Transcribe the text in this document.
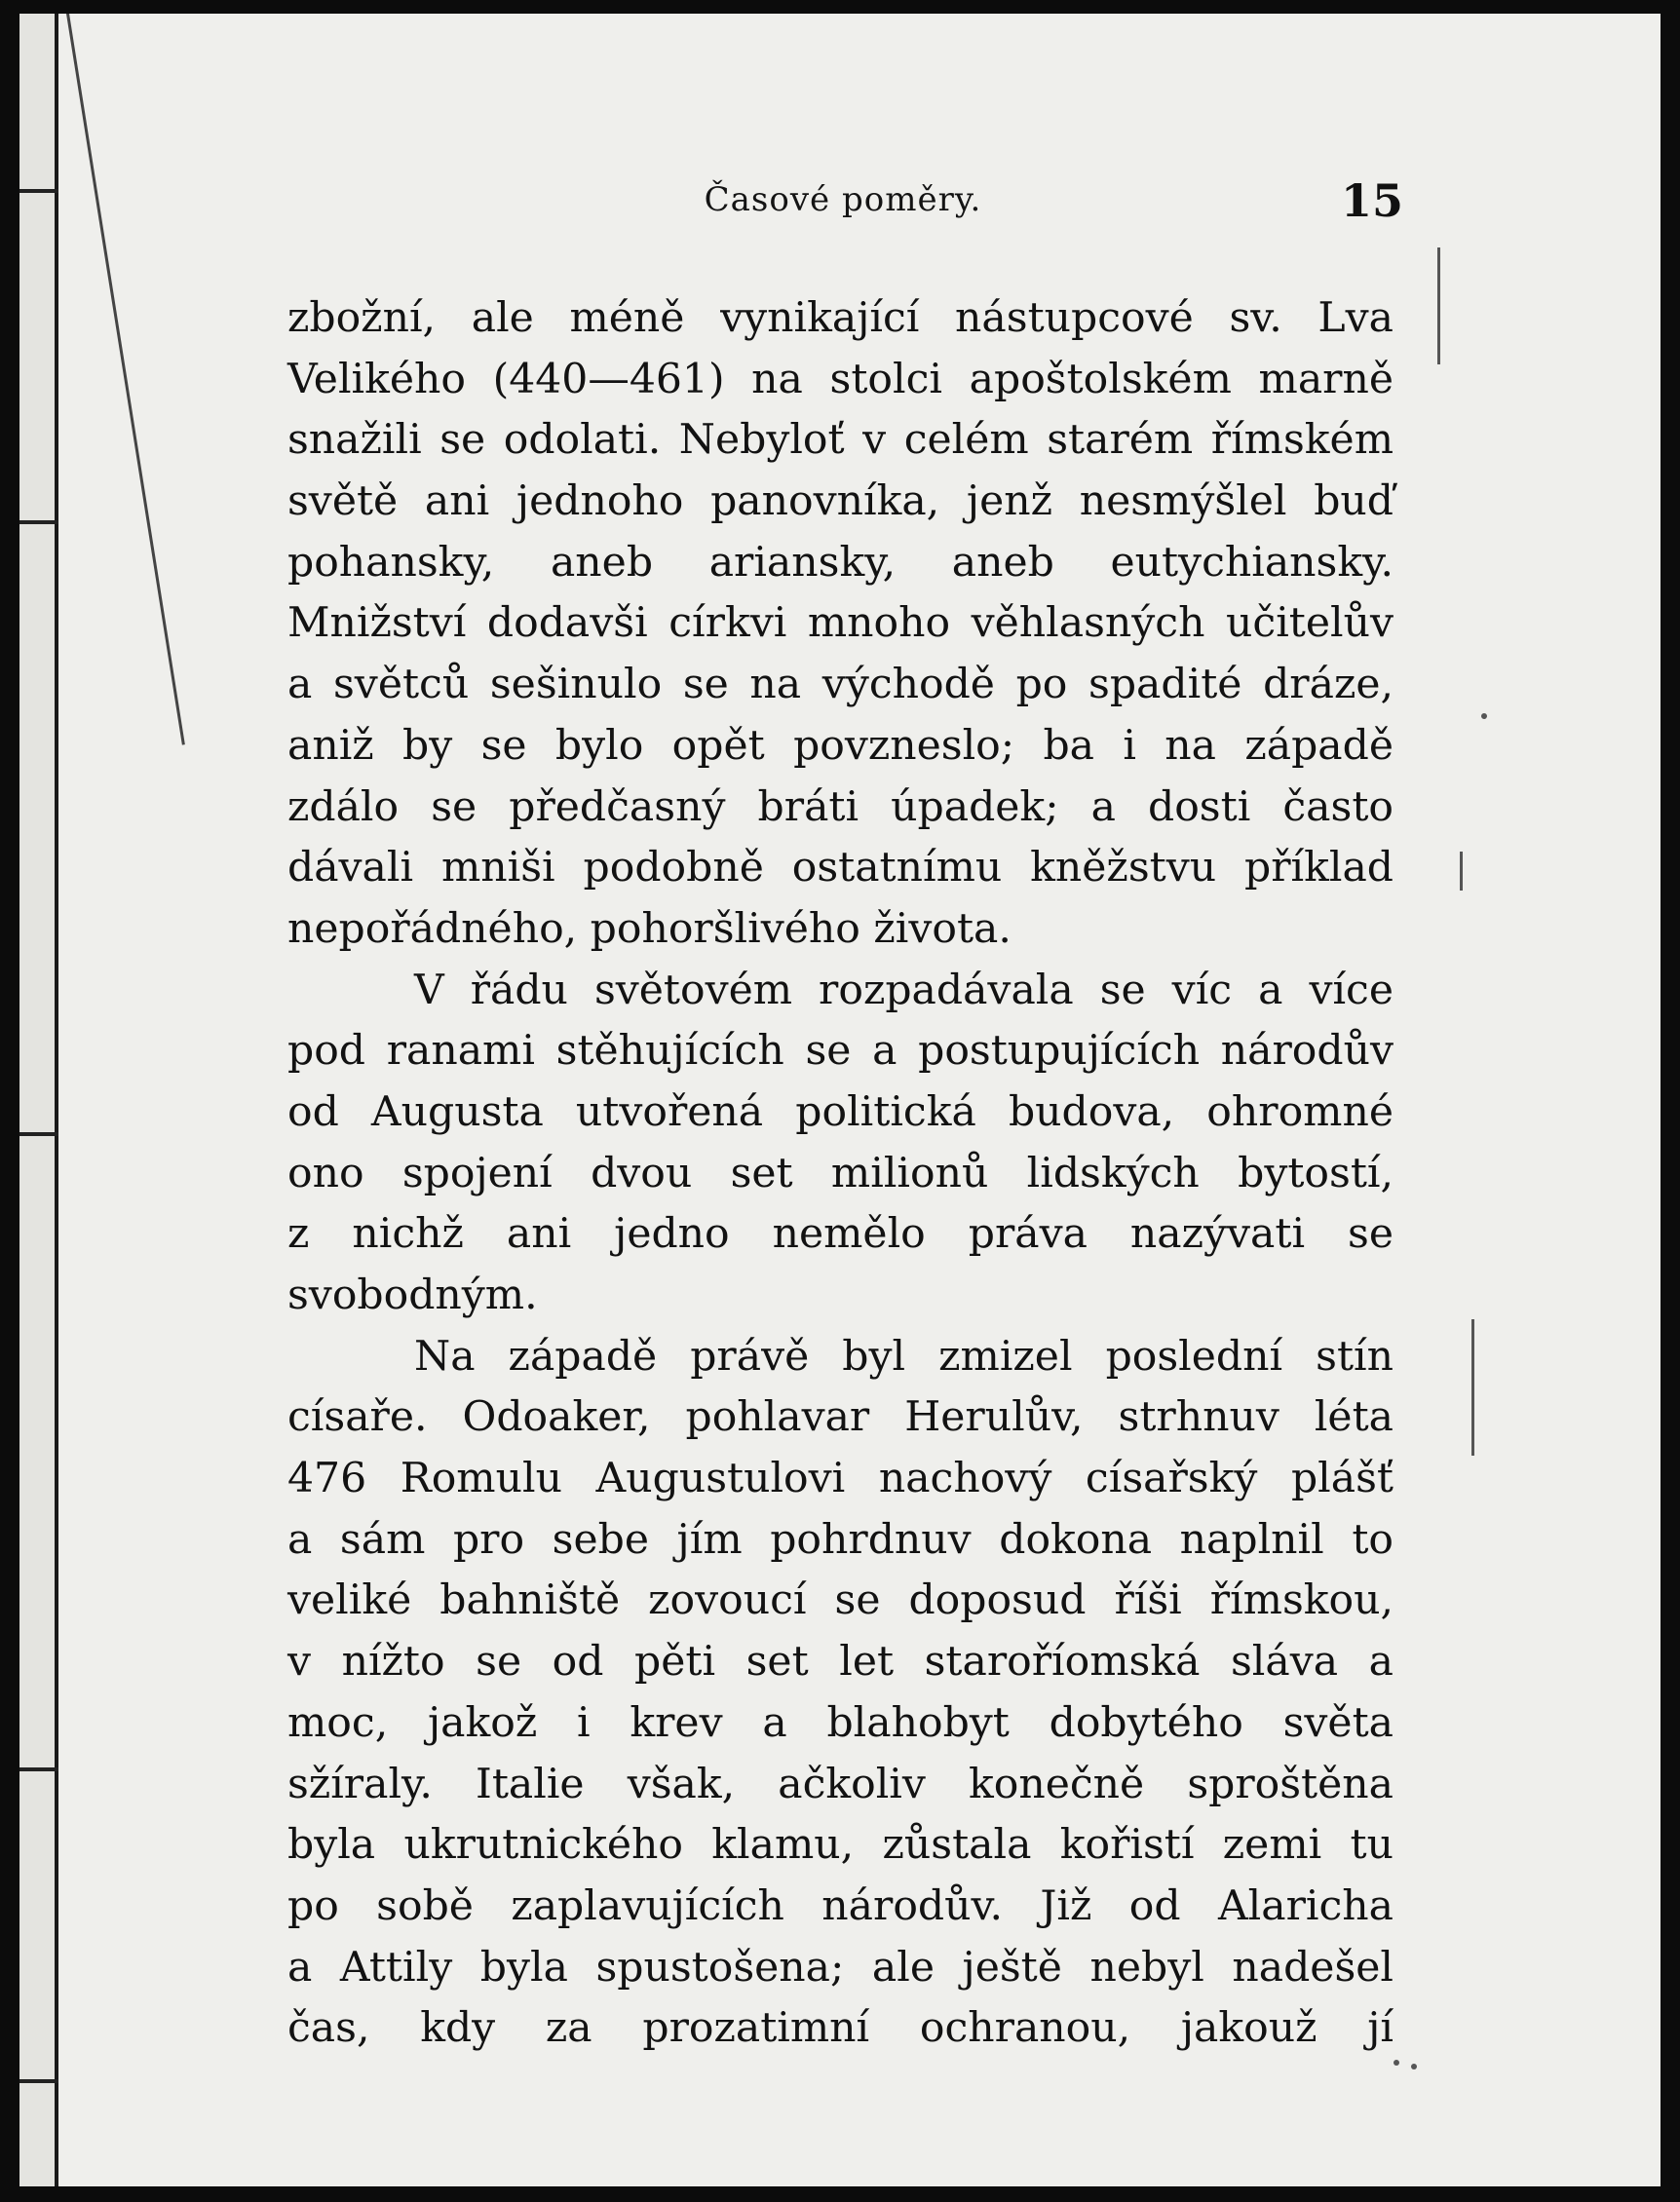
Časové poměry.	15
zbožní, ale méně vynikající nástupcové sv. Lva
Velikého (440—461) na stolci apoštolském marně
snažili se odolati. Nebyloť v celém starém římském
světě ani jednoho panovníka, jenž nesmýšlel buď
pohansky, aneb ariansky, aneb eutychiansky.
Mnižství dodavši církvi mnoho věhlasných učitelův
a světců sešinulo se na východě po spadité dráze,
aniž by se bylo opět povzneslo; ba i na západě
zdálo se předčasný bráti úpadek; a dosti často
dávali mniši podobně ostatnímu kněžstvu příklad
nepořádného, pohoršlivého života.
V řádu světovém rozpadávala se víc a více
pod ranami stěhujících se a postupujících národův
od Augusta utvořená politická budova, ohromné
ono spojení dvou set milionů lidských bytostí,
z nichž ani jedno nemělo práva nazývati se
svobodným.
Na západě právě byl zmizel poslední stín
císaře. Odoaker, pohlavar Herulův, strhnuv léta
476 Romulu Augustulovi nachový císařský plášť
a sám pro sebe jím pohrdnuv dokona naplnil to
veliké bahniště zovoucí se doposud říši římskou,
v nížto se od pěti set let staroříomská sláva a
moc, jakož i krev a blahobyt dobytého světa
sžíraly. Italie však, ačkoliv konečně sproštěna
byla ukrutnického klamu, zůstala kořistí zemi tu
po sobě zaplavujících národův. Již od Alaricha
a Attily byla spustošena; ale ještě nebyl nadešel
čas, kdy za prozatimní ochranou, jakouž jí
